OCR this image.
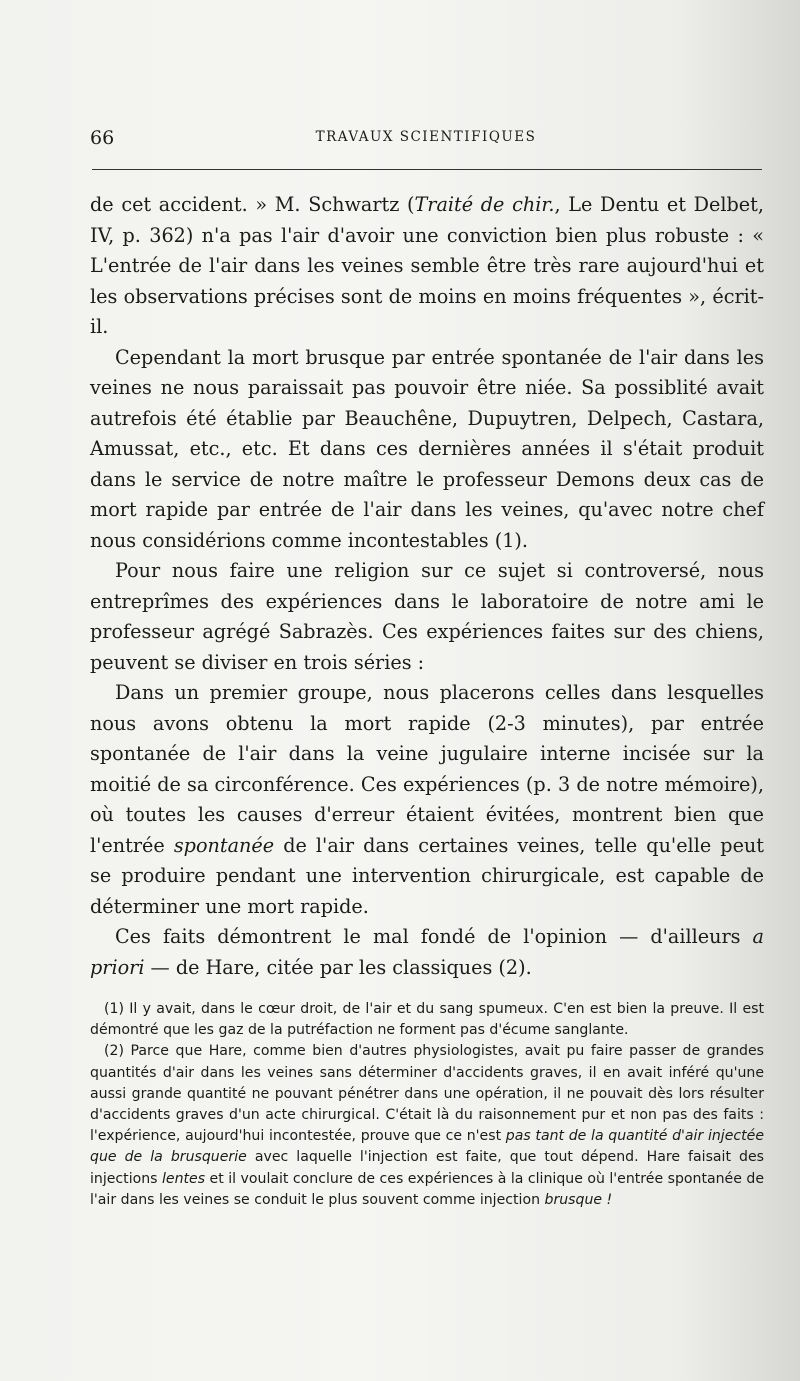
66	TRAVAUX SCIENTIFIQUES

de cet accident. » M. Schwartz (Traité de chir., Le Dentu et Delbet, IV, p. 362) n'a pas l'air d'avoir une conviction bien plus robuste : « L'entrée de l'air dans les veines semble être très rare aujourd'hui et les observations précises sont de moins en moins fréquentes », écrit-il.

Cependant la mort brusque par entrée spontanée de l'air dans les veines ne nous paraissait pas pouvoir être niée. Sa possiblité avait autrefois été établie par Beauchêne, Dupuytren, Delpech, Castara, Amussat, etc., etc. Et dans ces dernières années il s'était produit dans le service de notre maître le professeur Demons deux cas de mort rapide par entrée de l'air dans les veines, qu'avec notre chef nous considérions comme incontestables (1).

Pour nous faire une religion sur ce sujet si controversé, nous entreprîmes des expériences dans le laboratoire de notre ami le professeur agrégé Sabrazès. Ces expériences faites sur des chiens, peuvent se diviser en trois séries :

Dans un premier groupe, nous placerons celles dans lesquelles nous avons obtenu la mort rapide (2-3 minutes), par entrée spontanée de l'air dans la veine jugulaire interne incisée sur la moitié de sa circonférence. Ces expériences (p. 3 de notre mémoire), où toutes les causes d'erreur étaient évitées, montrent bien que l'entrée spontanée de l'air dans certaines veines, telle qu'elle peut se produire pendant une intervention chirurgicale, est capable de déterminer une mort rapide.

Ces faits démontrent le mal fondé de l'opinion — d'ailleurs a priori — de Hare, citée par les classiques (2).

(1) Il y avait, dans le cœur droit, de l'air et du sang spumeux. C'en est bien la preuve. Il est démontré que les gaz de la putréfaction ne forment pas d'écume sanglante.

(2) Parce que Hare, comme bien d'autres physiologistes, avait pu faire passer de grandes quantités d'air dans les veines sans déterminer d'accidents graves, il en avait inféré qu'une aussi grande quantité ne pouvant pénétrer dans une opération, il ne pouvait dès lors résulter d'accidents graves d'un acte chirurgical. C'était là du raisonnement pur et non pas des faits : l'expérience, aujourd'hui incontestée, prouve que ce n'est pas tant de la quantité d'air injectée que de la brusquerie avec laquelle l'injection est faite, que tout dépend. Hare faisait des injections lentes et il voulait conclure de ces expériences à la clinique où l'entrée spontanée de l'air dans les veines se conduit le plus souvent comme injection brusque !
